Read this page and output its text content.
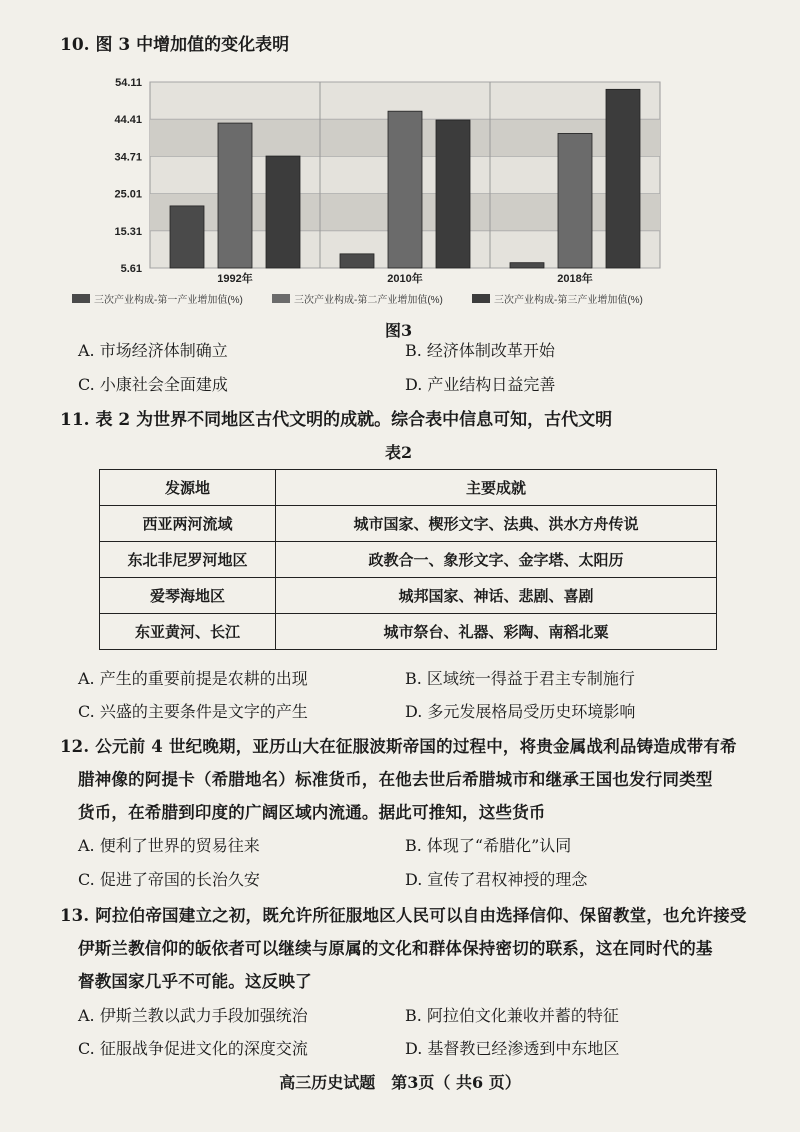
10. 图 3 中增加值的变化表明
54.11
44.41
34.71
25.01
15.31
5.61
1992年	2010年	2018年
三次产业构成-第一产业增加值(%)	三次产业构成-第二产业增加值(%)	三次产业构成-第三产业增加值(%)
图3
A. 市场经济体制确立	B. 经济体制改革开始
C. 小康社会全面建成	D. 产业结构日益完善
11. 表 2 为世界不同地区古代文明的成就。综合表中信息可知，古代文明
表2
发源地	主要成就
西亚两河流域	城市国家、楔形文字、法典、洪水方舟传说
东北非尼罗河地区	政教合一、象形文字、金字塔、太阳历
爱琴海地区	城邦国家、神话、悲剧、喜剧
东亚黄河、长江	城市祭台、礼器、彩陶、南稻北粟
A. 产生的重要前提是农耕的出现	B. 区域统一得益于君主专制施行
C. 兴盛的主要条件是文字的产生	D. 多元发展格局受历史环境影响
12. 公元前 4 世纪晚期，亚历山大在征服波斯帝国的过程中，将贵金属战利品铸造成带有希
腊神像的阿提卡（希腊地名）标准货币，在他去世后希腊城市和继承王国也发行同类型
货币，在希腊到印度的广阔区域内流通。据此可推知，这些货币
A. 便利了世界的贸易往来	B. 体现了“希腊化”认同
C. 促进了帝国的长治久安	D. 宣传了君权神授的理念
13. 阿拉伯帝国建立之初，既允许所征服地区人民可以自由选择信仰、保留教堂，也允许接受
伊斯兰教信仰的皈依者可以继续与原属的文化和群体保持密切的联系，这在同时代的基
督教国家几乎不可能。这反映了
A. 伊斯兰教以武力手段加强统治	B. 阿拉伯文化兼收并蓄的特征
C. 征服战争促进文化的深度交流	D. 基督教已经渗透到中东地区
高三历史试题　第3页（ 共6 页）
